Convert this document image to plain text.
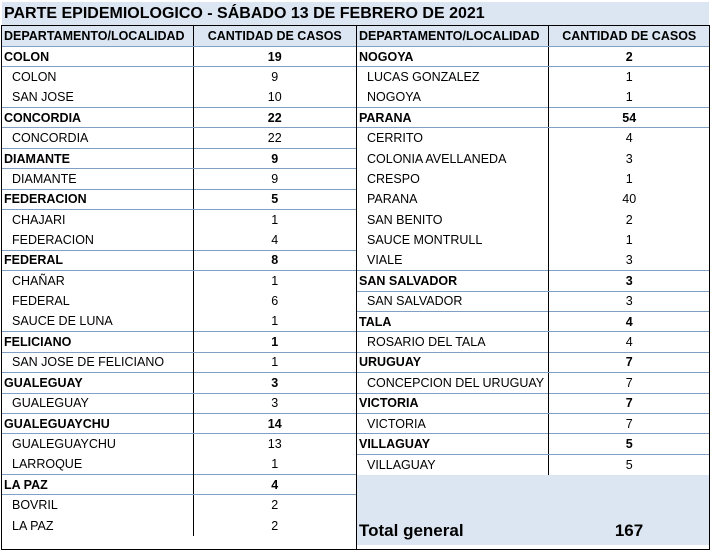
PARTE EPIDEMIOLOGICO - SÁBADO 13 DE FEBRERO DE 2021
DEPARTAMENTO/LOCALIDAD	CANTIDAD DE CASOS
COLON	19
COLON	9
SAN JOSE	10
CONCORDIA	22
CONCORDIA	22
DIAMANTE	9
DIAMANTE	9
FEDERACION	5
CHAJARI	1
FEDERACION	4
FEDERAL	8
CHAÑAR	1
FEDERAL	6
SAUCE DE LUNA	1
FELICIANO	1
SAN JOSE DE FELICIANO	1
GUALEGUAY	3
GUALEGUAY	3
GUALEGUAYCHU	14
GUALEGUAYCHU	13
LARROQUE	1
LA PAZ	4
BOVRIL	2
LA PAZ	2
DEPARTAMENTO/LOCALIDAD	CANTIDAD DE CASOS
NOGOYA	2
LUCAS GONZALEZ	1
NOGOYA	1
PARANA	54
CERRITO	4
COLONIA AVELLANEDA	3
CRESPO	1
PARANA	40
SAN BENITO	2
SAUCE MONTRULL	1
VIALE	3
SAN SALVADOR	3
SAN SALVADOR	3
TALA	4
ROSARIO DEL TALA	4
URUGUAY	7
CONCEPCION DEL URUGUAY	7
VICTORIA	7
VICTORIA	7
VILLAGUAY	5
VILLAGUAY	5

Total general	167
